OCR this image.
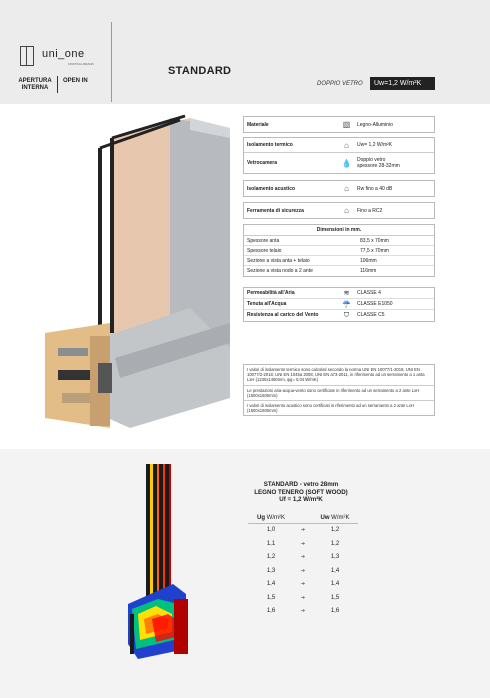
uni_one
FINSTRAL BRAND
APERTURA
INTERNA
OPEN IN
STANDARD
DOPPIO VETRO	Uw=1,2 W/m²K
Materiale	▧	Legno-Alluminio
Isolamento termico	⌂	Uw= 1,2 W/m²K
Vetrocamera	💧	Doppio vetro
spessore 28-32mm
Isolamento acustico	⌂	Rw fino a 40 dB
Ferramenta di sicurezza	⌂	Fino a RC2
Dimensioni in mm.
Spessore anta	83,5 x 70mm
Spessore telaio	77,5 x 70mm
Sezione a vista anta + telaio	106mm
Sezione a vista nodo a 2 ante	116mm
Permeabilità all'Aria	≋	CLASSE 4
Tenuta all'Acqua	☔	CLASSE E1050
Resistenza al carico del Vento	⛉	CLASSE C5
I valori di isolamento termico sono calcolati secondo la norma UNI EN 10077/1-2018, UNI EN 10077/2-2018, UNI EN 1045a 2008, UNI EN a73-2011, in riferimento ad un serramento a 1 anta LxH (1230x1480mm, ψg= 0,04 W/mK)
Le prestazioni aria-acqua-vento sono certificate in riferimento ad un serramento a 2 ante LxH (1500x1500mm)
I valori di isolamento acustico sono certificati in riferimento ad un serramento a 2 ante LxH (1500x1500mm)
STANDARD - vetro 28mm
LEGNO TENERO (SOFT WOOD)
Uf = 1,2 W/m²K
Ug W/m²K	Uw W/m²K
1,0	➔	1,2
1,1	➔	1,2
1,2	➔	1,3
1,3	➔	1,4
1,4	➔	1,4
1,5	➔	1,5
1,6	➔	1,6
